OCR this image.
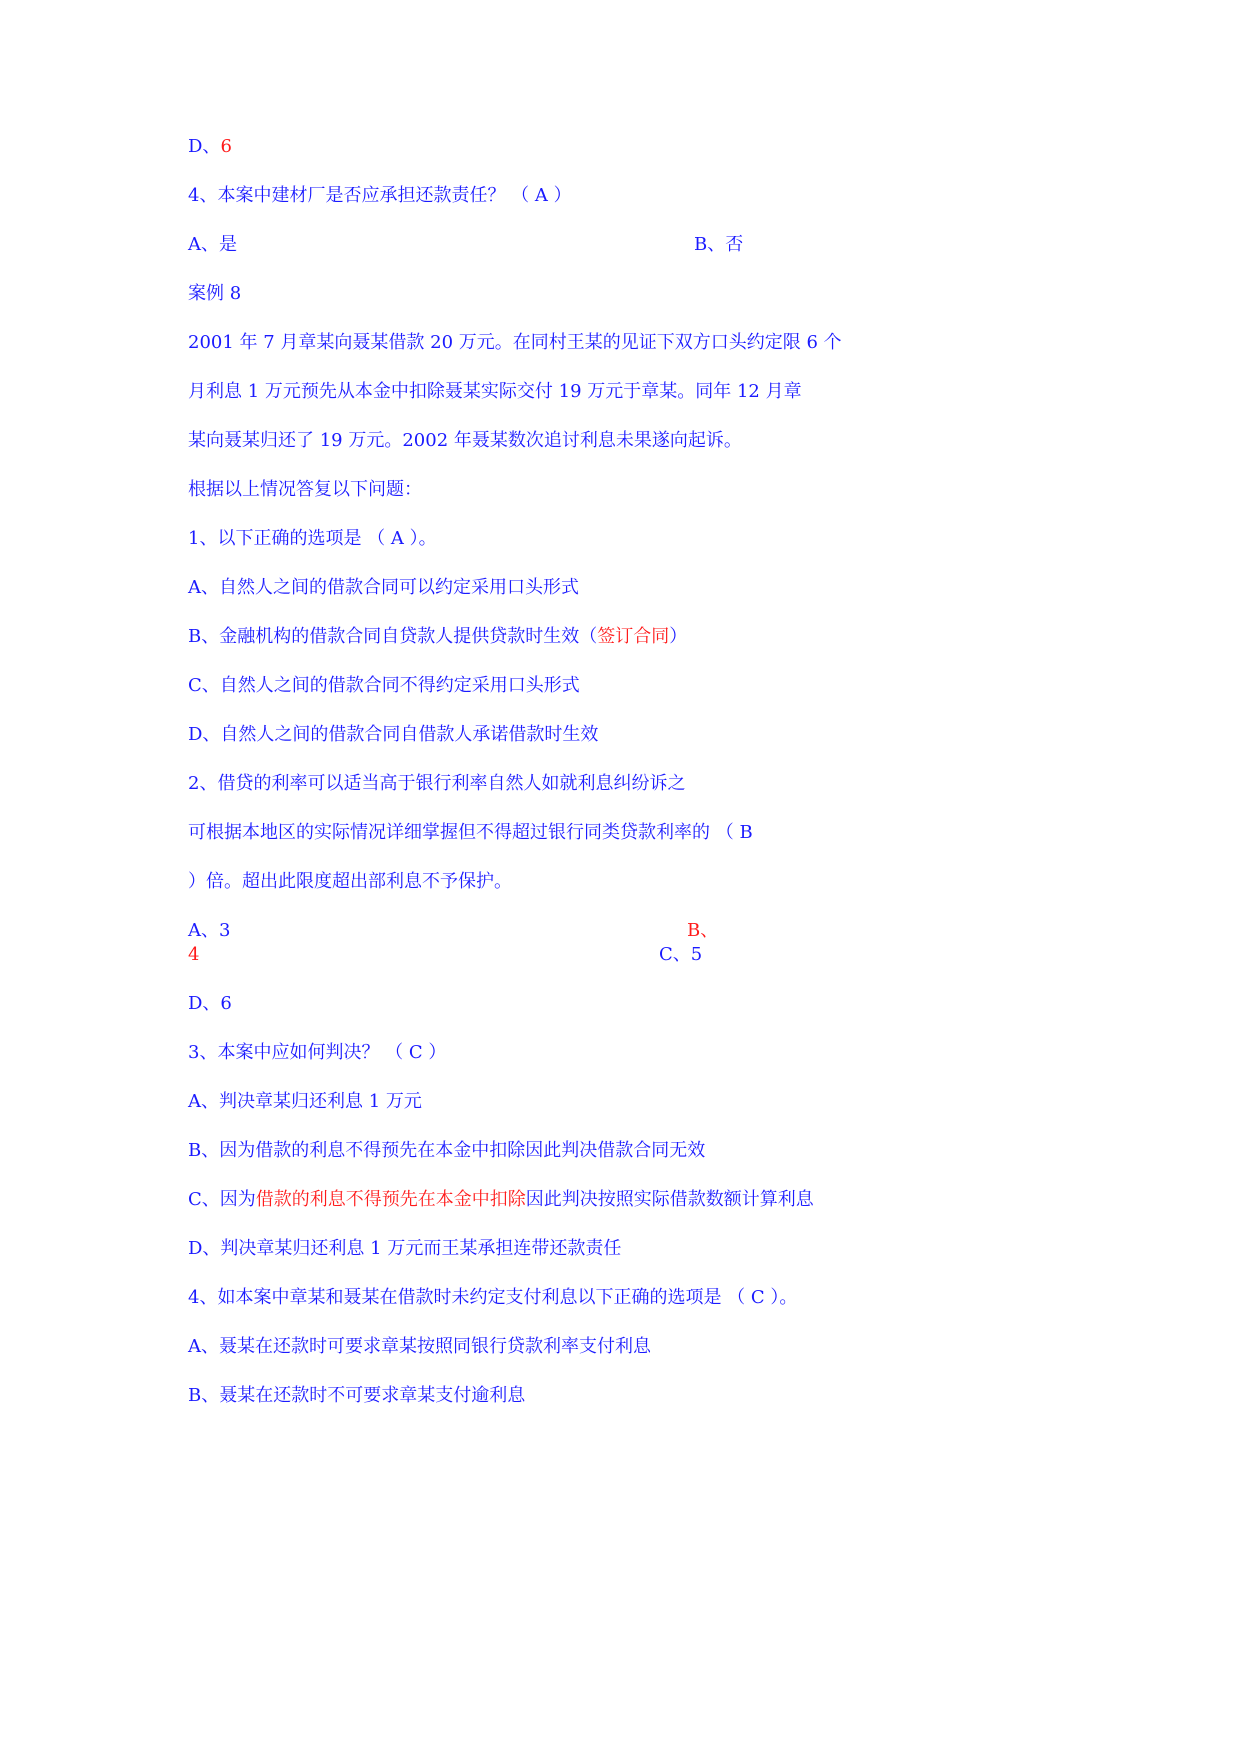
D、6
4、本案中建材厂是否应承担还款责任？ （ A ）
A、是	B、否
案例 8
2001 年 7 月章某向聂某借款 20 万元。在同村王某的见证下双方口头约定限 6 个
月利息 1 万元预先从本金中扣除聂某实际交付 19 万元于章某。同年 12 月章
某向聂某归还了 19 万元。2002 年聂某数次追讨利息未果遂向起诉。
根据以上情况答复以下问题：
1、以下正确的选项是 （ A ）。
A、自然人之间的借款合同可以约定采用口头形式
B、金融机构的借款合同自贷款人提供贷款时生效（签订合同）
C、自然人之间的借款合同不得约定采用口头形式
D、自然人之间的借款合同自借款人承诺借款时生效
2、借贷的利率可以适当高于银行利率自然人如就利息纠纷诉之
可根据本地区的实际情况详细掌握但不得超过银行同类贷款利率的 （ B
）倍。超出此限度超出部利息不予保护。
A、3	B、
4	C、5
D、6
3、本案中应如何判决？ （ C ）
A、判决章某归还利息 1 万元
B、因为借款的利息不得预先在本金中扣除因此判决借款合同无效
C、因为借款的利息不得预先在本金中扣除因此判决按照实际借款数额计算利息
D、判决章某归还利息 1 万元而王某承担连带还款责任
4、如本案中章某和聂某在借款时未约定支付利息以下正确的选项是 （ C ）。
A、聂某在还款时可要求章某按照同银行贷款利率支付利息
B、聂某在还款时不可要求章某支付逾利息
